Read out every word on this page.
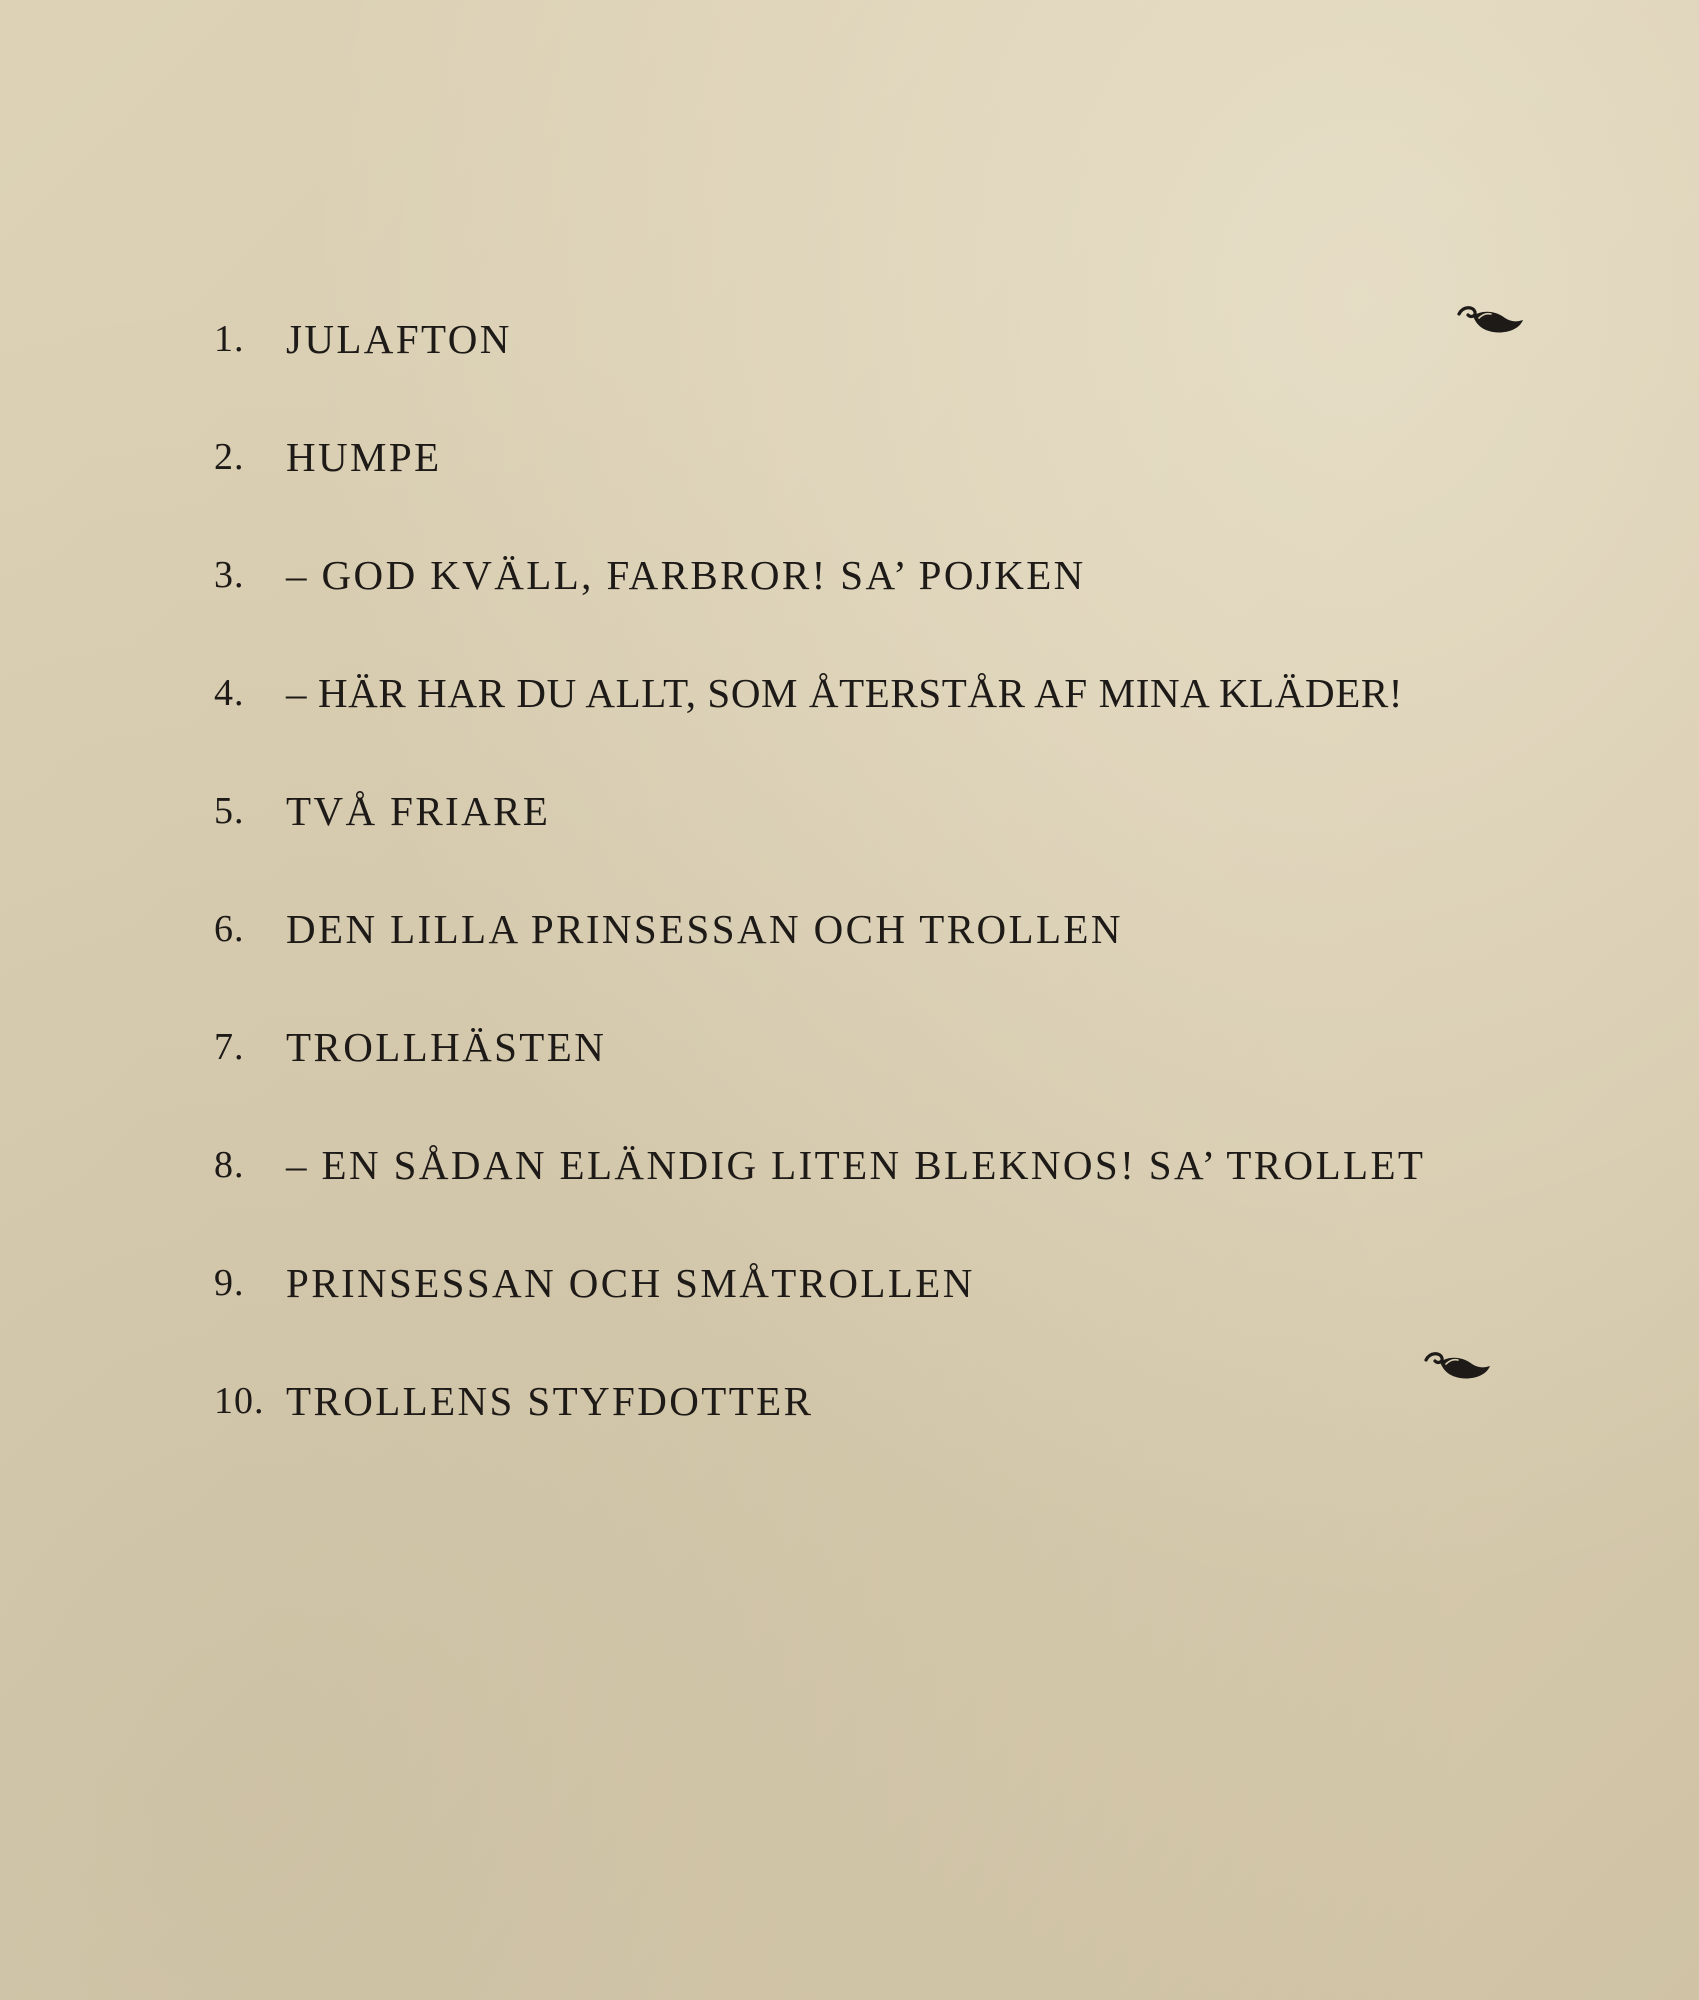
1.	JULAFTON
2.	HUMPE
3.	– GOD KVÄLL, FARBROR! SA’ POJKEN
4.	– HÄR HAR DU ALLT, SOM ÅTERSTÅR AF MINA KLÄDER!
5.	TVÅ FRIARE
6.	DEN LILLA PRINSESSAN OCH TROLLEN
7.	TROLLHÄSTEN
8.	– EN SÅDAN ELÄNDIG LITEN BLEKNOS! SA’ TROLLET
9.	PRINSESSAN OCH SMÅTROLLEN
10. TROLLENS STYFDOTTER
